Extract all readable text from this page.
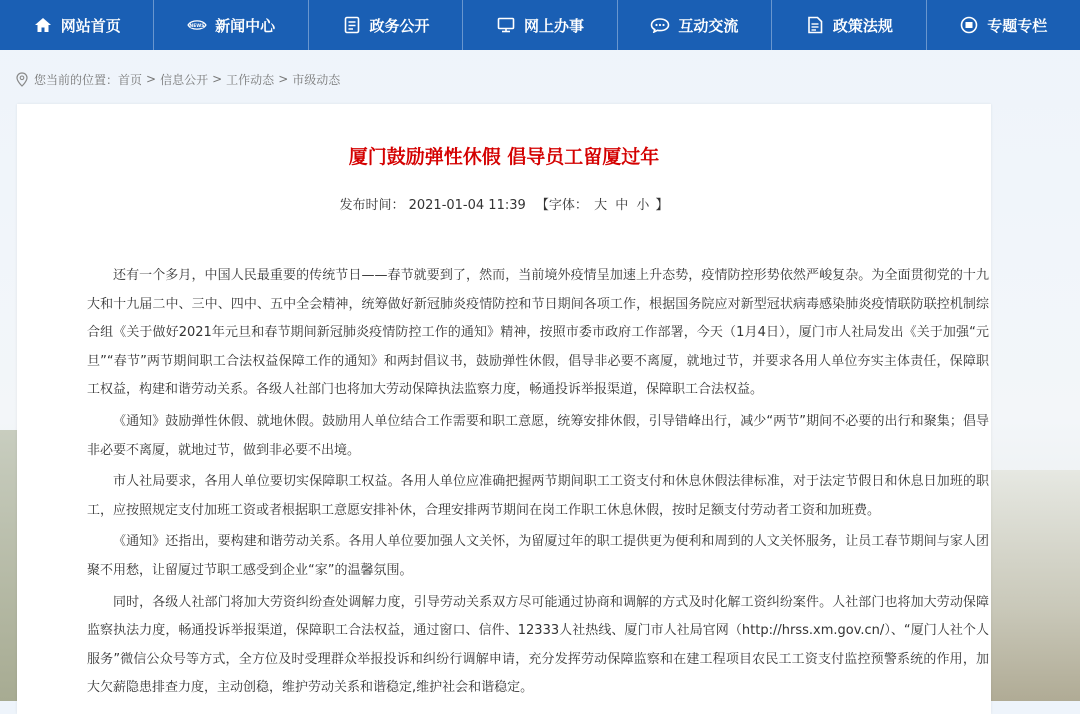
网站首页	NEWS 新闻中心	政务公开	网上办事	互动交流	政策法规	专题专栏
您当前的位置： 首页 > 信息公开 > 工作动态 > 市级动态
厦门鼓励弹性休假 倡导员工留厦过年
发布时间： 2021-01-04 11:39 【字体： 大 中 小 】

还有一个多月，中国人民最重要的传统节日——春节就要到了，然而，当前境外疫情呈加速上升态势，疫情防控形势依然严峻复杂。为全面贯彻党的十九大和十九届二中、三中、四中、五中全会精神，统筹做好新冠肺炎疫情防控和节日期间各项工作，根据国务院应对新型冠状病毒感染肺炎疫情联防联控机制综合组《关于做好2021年元旦和春节期间新冠肺炎疫情防控工作的通知》精神，按照市委市政府工作部署，今天（1月4日），厦门市人社局发出《关于加强“元旦”“春节”两节期间职工合法权益保障工作的通知》和两封倡议书，鼓励弹性休假，倡导非必要不离厦，就地过节，并要求各用人单位夯实主体责任，保障职工权益，构建和谐劳动关系。各级人社部门也将加大劳动保障执法监察力度，畅通投诉举报渠道，保障职工合法权益。

《通知》鼓励弹性休假、就地休假。鼓励用人单位结合工作需要和职工意愿，统筹安排休假，引导错峰出行，减少“两节”期间不必要的出行和聚集；倡导非必要不离厦，就地过节，做到非必要不出境。

市人社局要求，各用人单位要切实保障职工权益。各用人单位应准确把握两节期间职工工资支付和休息休假法律标准，对于法定节假日和休息日加班的职工，应按照规定支付加班工资或者根据职工意愿安排补休，合理安排两节期间在岗工作职工休息休假，按时足额支付劳动者工资和加班费。

《通知》还指出，要构建和谐劳动关系。各用人单位要加强人文关怀，为留厦过年的职工提供更为便利和周到的人文关怀服务，让员工春节期间与家人团聚不用愁，让留厦过节职工感受到企业“家”的温馨氛围。

同时，各级人社部门将加大劳资纠纷查处调解力度，引导劳动关系双方尽可能通过协商和调解的方式及时化解工资纠纷案件。人社部门也将加大劳动保障监察执法力度，畅通投诉举报渠道，保障职工合法权益，通过窗口、信件、12333人社热线、厦门市人社局官网（http://hrss.xm.gov.cn/）、“厦门人社个人服务”微信公众号等方式，全方位及时受理群众举报投诉和纠纷行调解申请，充分发挥劳动保障监察和在建工程项目农民工工资支付监控预警系统的作用，加大欠薪隐患排查力度，主动创稳，维护劳动关系和谐稳定,维护社会和谐稳定。
